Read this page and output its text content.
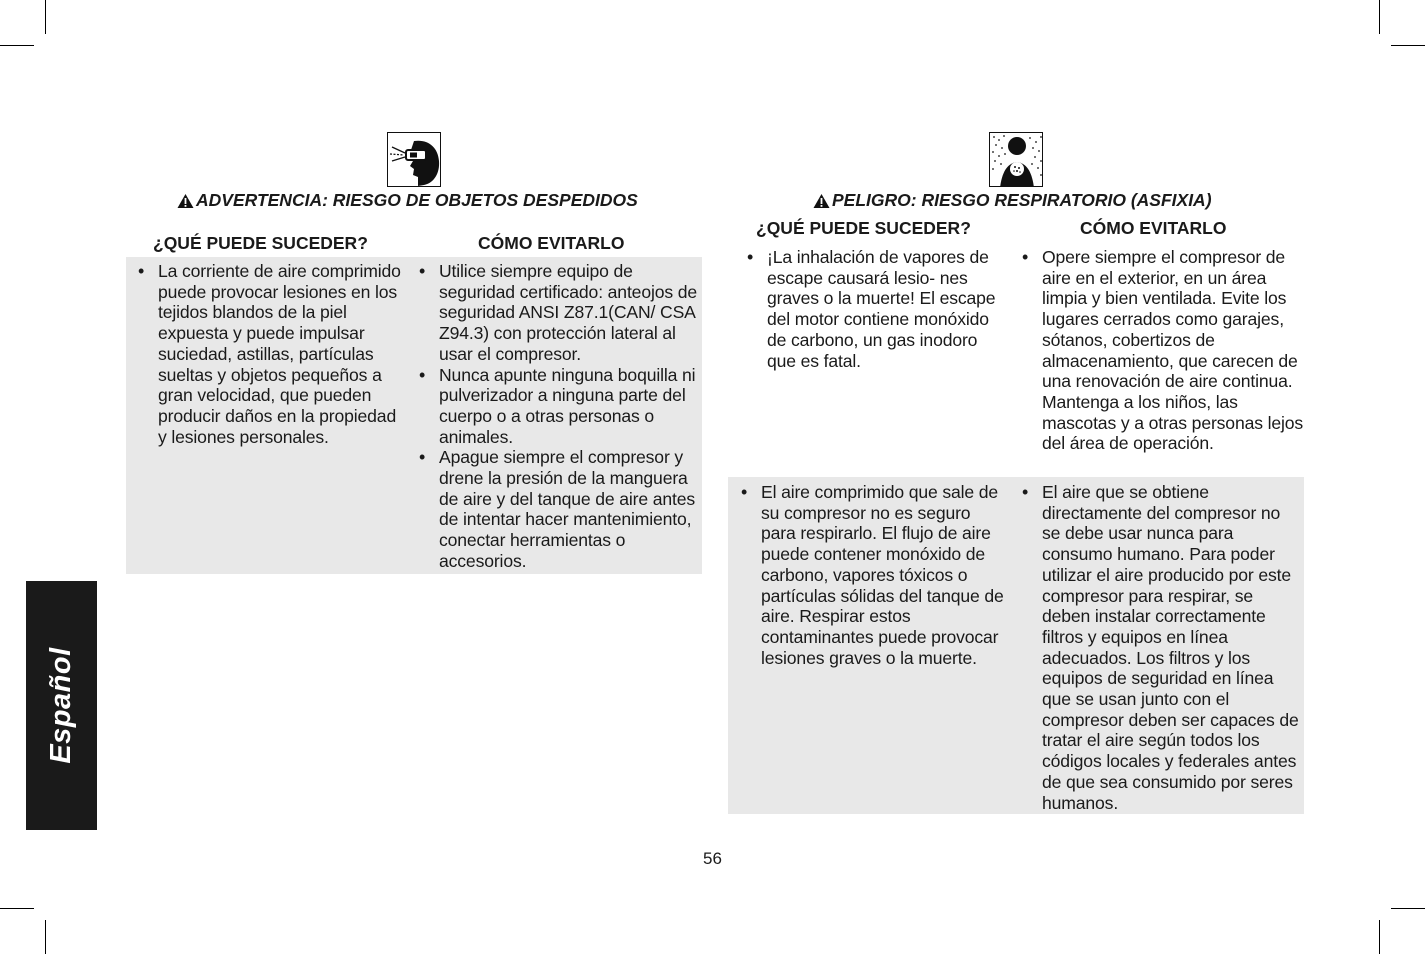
Español
ADVERTENCIA: RIESGO DE OBJETOS DESPEDIDOS
¿QUÉ PUEDE SUCEDER?	CÓMO EVITARLO
• La corriente de aire comprimido puede provocar lesiones en los tejidos blandos de la piel expuesta y puede impulsar suciedad, astillas, partículas sueltas y objetos pequeños a gran velocidad, que pueden producir daños en la propiedad y lesiones personales.
• Utilice siempre equipo de seguridad certificado: anteojos de seguridad ANSI Z87.1(CAN/ CSA Z94.3) con protección lateral al usar el compresor.
• Nunca apunte ninguna boquilla ni pulverizador a ninguna parte del cuerpo o a otras personas o animales.
• Apague siempre el compresor y drene la presión de la manguera de aire y del tanque de aire antes de intentar hacer mantenimiento, conectar herramientas o accesorios.
PELIGRO: RIESGO RESPIRATORIO (ASFIXIA)
¿QUÉ PUEDE SUCEDER?	CÓMO EVITARLO
• ¡La inhalación de vapores de escape causará lesio- nes graves o la muerte! El escape del motor contiene monóxido de carbono, un gas inodoro que es fatal.
• Opere siempre el compresor de aire en el exterior, en un área limpia y bien ventilada. Evite los lugares cerrados como garajes, sótanos, cobertizos de almacenamiento, que carecen de una renovación de aire continua. Mantenga a los niños, las mascotas y a otras personas lejos del área de operación.
• El aire comprimido que sale de su compresor no es seguro para respirarlo. El flujo de aire puede contener monóxido de carbono, vapores tóxicos o partículas sólidas del tanque de aire. Respirar estos contaminantes puede provocar lesiones graves o la muerte.
• El aire que se obtiene directamente del compresor no se debe usar nunca para consumo humano. Para poder utilizar el aire producido por este compresor para respirar, se deben instalar correctamente filtros y equipos en línea adecuados. Los filtros y los equipos de seguridad en línea que se usan junto con el compresor deben ser capaces de tratar el aire según todos los códigos locales y federales antes de que sea consumido por seres humanos.
56
